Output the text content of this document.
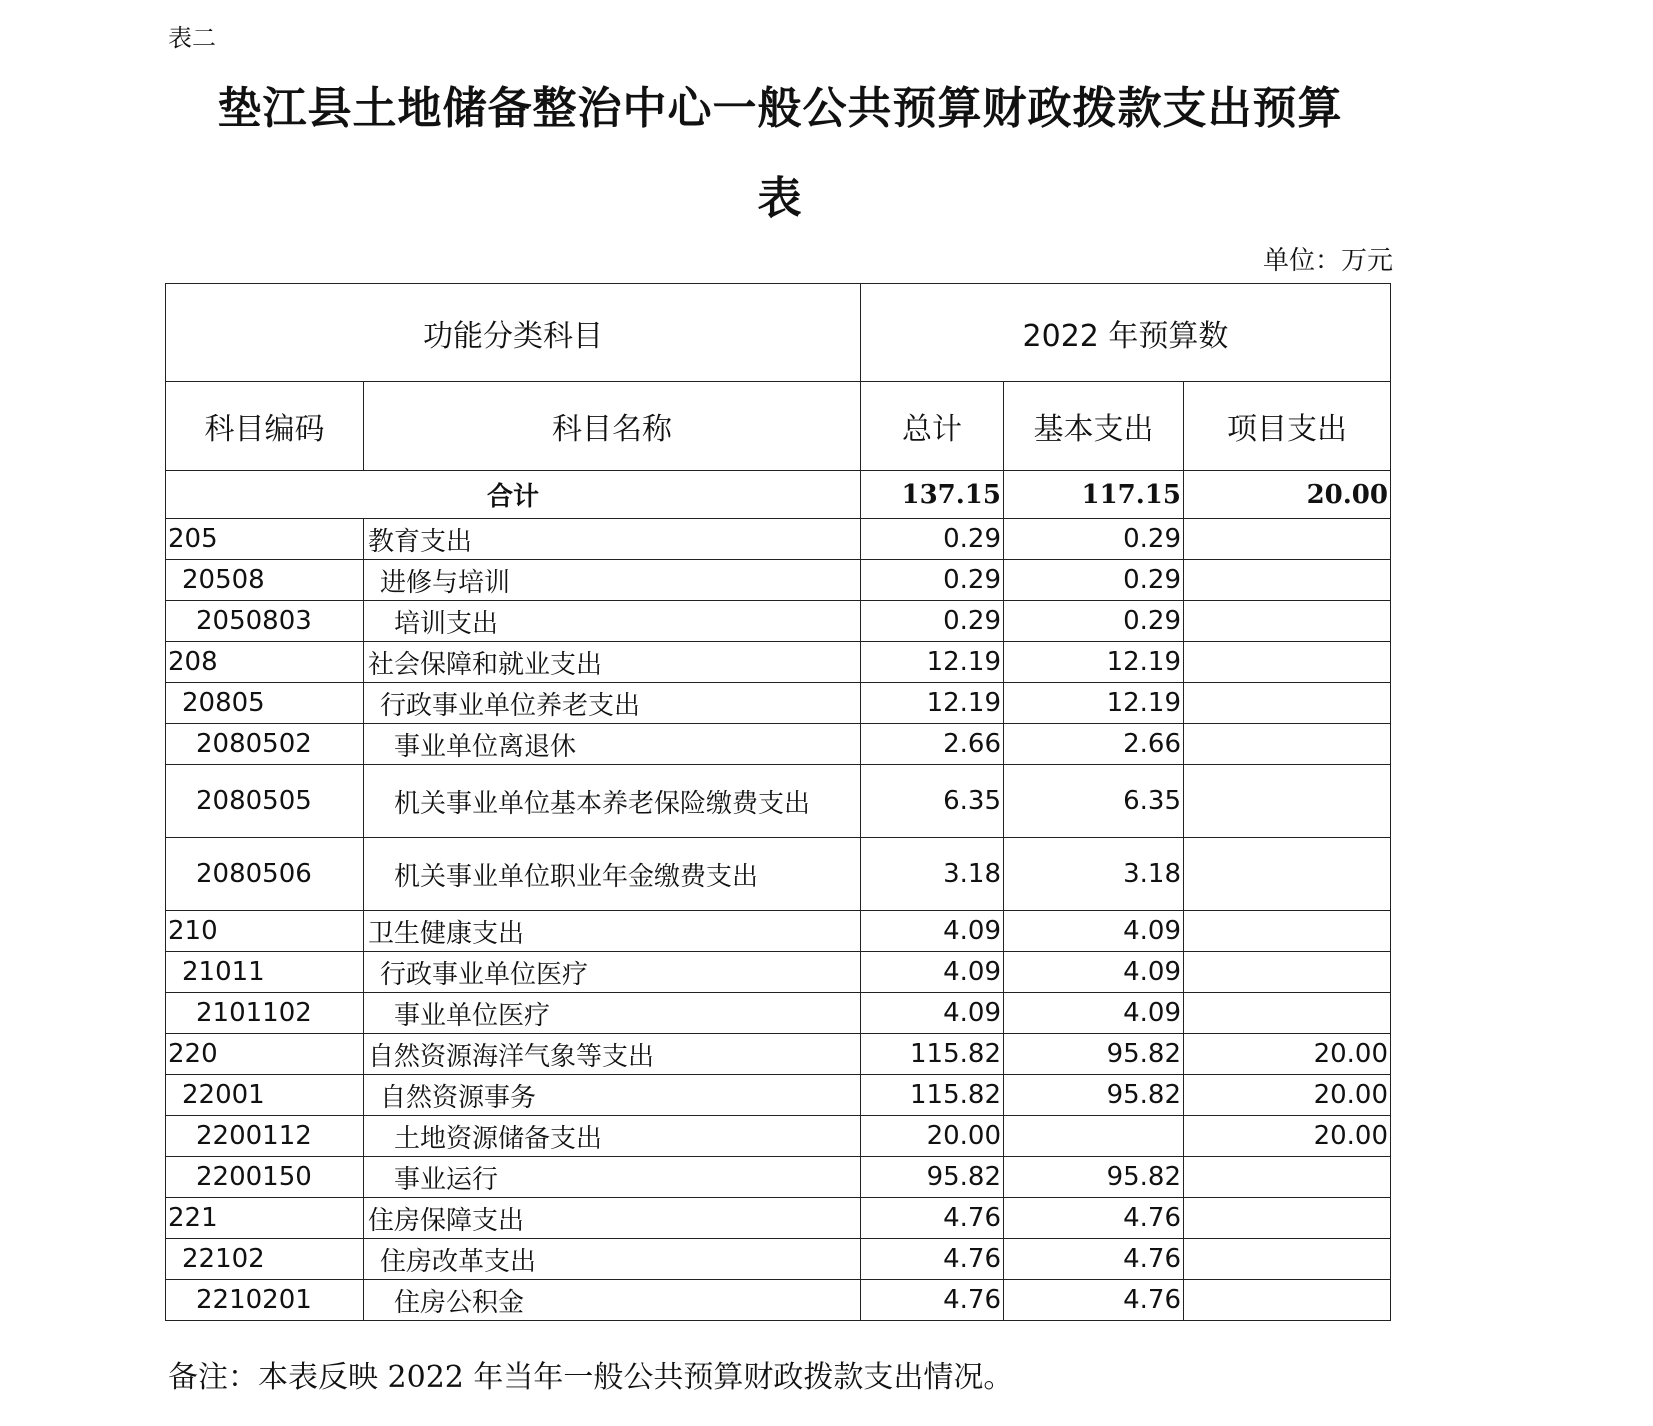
表二
垫江县土地储备整治中心一般公共预算财政拨款支出预算
表
单位：万元
功能分类科目		2022 年预算数		
科目编码	科目名称	总计	基本支出	项目支出
合计		137.15	117.15	20.00
205	教育支出	0.29	0.29	
20508	进修与培训	0.29	0.29	
2050803	培训支出	0.29	0.29	
208	社会保障和就业支出	12.19	12.19	
20805	行政事业单位养老支出	12.19	12.19	
2080502	事业单位离退休	2.66	2.66	
2080505	机关事业单位基本养老保险缴费支出	6.35	6.35	
2080506	机关事业单位职业年金缴费支出	3.18	3.18	
210	卫生健康支出	4.09	4.09	
21011	行政事业单位医疗	4.09	4.09	
2101102	事业单位医疗	4.09	4.09	
220	自然资源海洋气象等支出	115.82	95.82	20.00
22001	自然资源事务	115.82	95.82	20.00
2200112	土地资源储备支出	20.00		20.00
2200150	事业运行	95.82	95.82	
221	住房保障支出	4.76	4.76	
22102	住房改革支出	4.76	4.76	
2210201	住房公积金	4.76	4.76	
备注：本表反映 2022 年当年一般公共预算财政拨款支出情况。
